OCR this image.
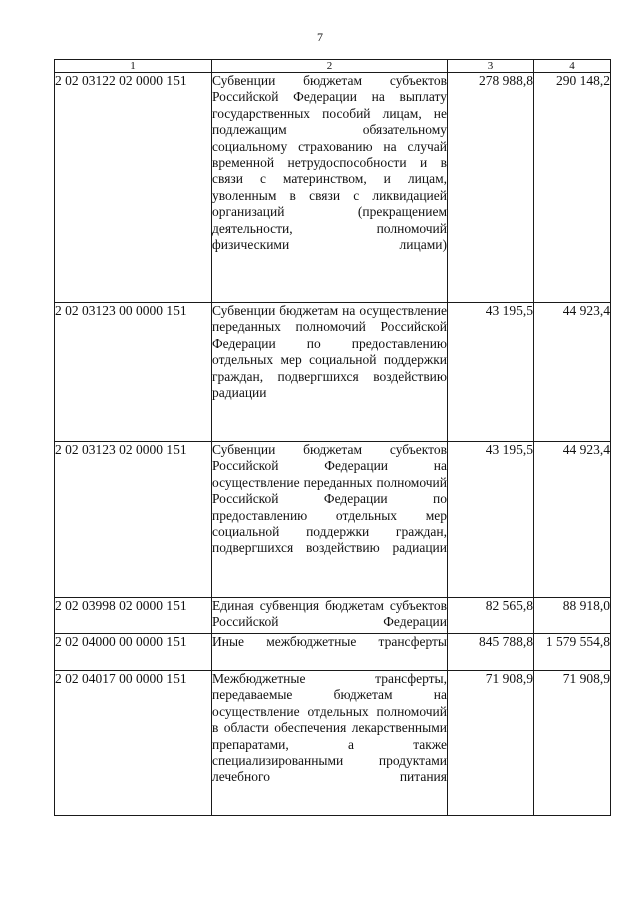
7
1	2	3	4
2 02 03122 02 0000 151	Субвенции бюджетам субъектов Российской Федерации на выплату государственных пособий лицам, не подлежащим обязательному социальному страхованию на случай временной нетрудоспособности и в связи с материнством, и лицам, уволенным в связи с ликвидацией организаций (прекращением деятельности, полномочий физическими лицами)	278 988,8	290 148,2
2 02 03123 00 0000 151	Субвенции бюджетам на осуществление переданных полномочий Российской Федерации по предоставлению отдельных мер социальной поддержки граждан, подвергшихся воздействию радиации	43 195,5	44 923,4
2 02 03123 02 0000 151	Субвенции бюджетам субъектов Российской Федерации на осуществление переданных полномочий Российской Федерации по предоставлению отдельных мер социальной поддержки граждан, подвергшихся воздействию радиации	43 195,5	44 923,4
2 02 03998 02 0000 151	Единая субвенция бюджетам субъектов Российской Федерации	82 565,8	88 918,0
2 02 04000 00 0000 151	Иные межбюджетные трансферты	845 788,8	1 579 554,8
2 02 04017 00 0000 151	Межбюджетные трансферты, передаваемые бюджетам на осуществление отдельных полномочий в области обеспечения лекарственными препаратами, а также специализированными продуктами лечебного питания	71 908,9	71 908,9
